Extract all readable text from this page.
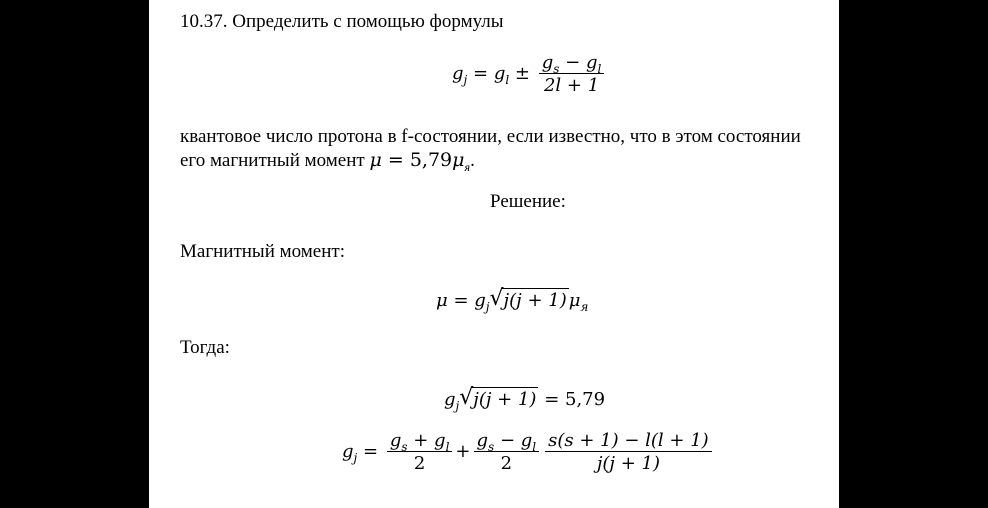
10.37. Определить с помощью формулы
$g_j = g_l \pm \frac{g_s - g_l}{2l + 1}$
квантовое число протона в f-состоянии, если известно, что в этом состоянии
его магнитный момент $\mu = 5,79\mu_я$.
Решение:
Магнитный момент:
$\mu = g_j$ √ j(j + 1) $\mu_я$
Тогда:
$g_j$ √ j(j + 1) = 5,79
$g_j = \frac{g_s + g_l}{2} + \frac{g_s - g_l}{2} \frac{s(s + 1) - l(l + 1)}{j(j + 1)}$
